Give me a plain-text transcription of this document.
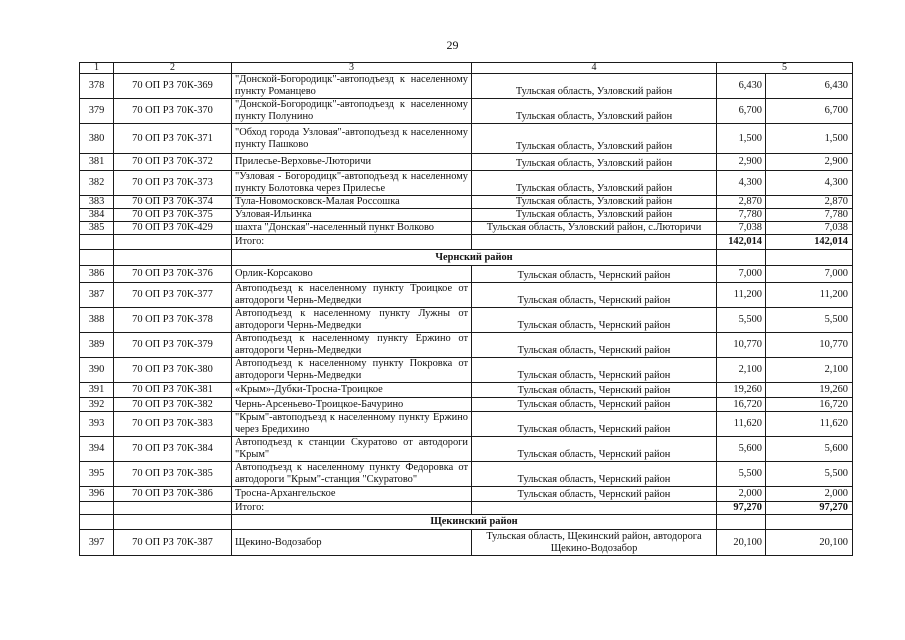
29
1	2	3	4	5	
378	70 ОП РЗ 70К-369	"Донской-Богородицк"-автоподъезд к населенному пункту Романцево	Тульская область, Узловский район	6,430	6,430
379	70 ОП РЗ 70К-370	"Донской-Богородицк"-автоподъезд к населенному пункту Полунино	Тульская область, Узловский район	6,700	6,700
380	70 ОП РЗ 70К-371	"Обход города Узловая"-автоподъезд к населенному пункту Пашково	Тульская область, Узловский район	1,500	1,500
381	70 ОП РЗ 70К-372	Прилесье-Верховье-Люторичи	Тульская область, Узловский район	2,900	2,900
382	70 ОП РЗ 70К-373	"Узловая - Богородицк"-автоподъезд к населенному пункту Болотовка через Прилесье	Тульская область, Узловский район	4,300	4,300
383	70 ОП РЗ 70К-374	Тула-Новомосковск-Малая Россошка	Тульская область, Узловский район	2,870	2,870
384	70 ОП РЗ 70К-375	Узловая-Ильинка	Тульская область, Узловский район	7,780	7,780
385	70 ОП РЗ 70К-429	шахта "Донская"-населенный пункт Волково	Тульская область, Узловский район, с.Люторичи	7,038	7,038
		Итого:		142,014	142,014
		Чернский район			
386	70 ОП РЗ 70К-376	Орлик-Корсаково	Тульская область, Чернский район	7,000	7,000
387	70 ОП РЗ 70К-377	Автоподъезд к населенному пункту Троицкое от автодороги Чернь-Медведки	Тульская область, Чернский район	11,200	11,200
388	70 ОП РЗ 70К-378	Автоподъезд к населенному пункту Лужны от автодороги Чернь-Медведки	Тульская область, Чернский район	5,500	5,500
389	70 ОП РЗ 70К-379	Автоподъезд к населенному пункту Ержино от автодороги Чернь-Медведки	Тульская область, Чернский район	10,770	10,770
390	70 ОП РЗ 70К-380	Автоподъезд к населенному пункту Покровка от автодороги Чернь-Медведки	Тульская область, Чернский район	2,100	2,100
391	70 ОП РЗ 70К-381	«Крым»-Дубки-Тросна-Троицкое	Тульская область, Чернский район	19,260	19,260
392	70 ОП РЗ 70К-382	Чернь-Арсеньево-Троицкое-Бачурино	Тульская область, Чернский район	16,720	16,720
393	70 ОП РЗ 70К-383	"Крым"-автоподъезд к населенному пункту Ержино через Бредихино	Тульская область, Чернский район	11,620	11,620
394	70 ОП РЗ 70К-384	Автоподъезд к станции Скуратово от автодороги "Крым"	Тульская область, Чернский район	5,600	5,600
395	70 ОП РЗ 70К-385	Автоподъезд к населенному пункту Федоровка от автодороги "Крым"-станция "Скуратово"	Тульская область, Чернский район	5,500	5,500
396	70 ОП РЗ 70К-386	Тросна-Архангельское	Тульская область, Чернский район	2,000	2,000
		Итого:		97,270	97,270
		Щекинский район			
397	70 ОП РЗ 70К-387	Щекино-Водозабор	Тульская область, Щекинский район, автодорога Щекино-Водозабор	20,100	20,100
